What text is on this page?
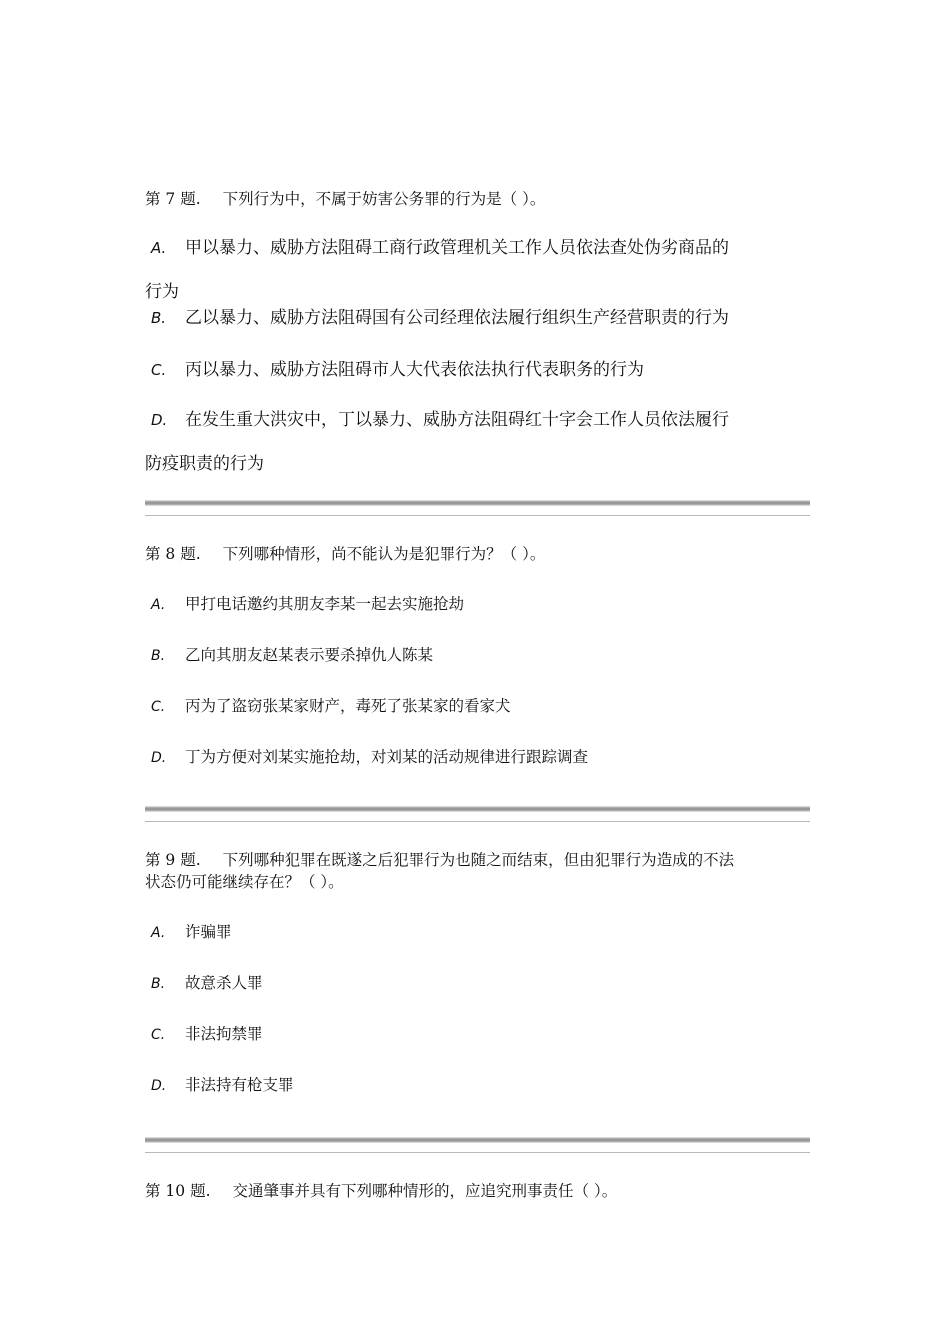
第 7 题. 下列行为中，不属于妨害公务罪的行为是（ ）。

A. 甲以暴力、威胁方法阻碍工商行政管理机关工作人员依法查处伪劣商品的

行为

B. 乙以暴力、威胁方法阻碍国有公司经理依法履行组织生产经营职责的行为

C. 丙以暴力、威胁方法阻碍市人大代表依法执行代表职务的行为

D. 在发生重大洪灾中，丁以暴力、威胁方法阻碍红十字会工作人员依法履行

防疫职责的行为

第 8 题. 下列哪种情形，尚不能认为是犯罪行为？（ ）。

A. 甲打电话邀约其朋友李某一起去实施抢劫

B. 乙向其朋友赵某表示要杀掉仇人陈某

C. 丙为了盗窃张某家财产，毒死了张某家的看家犬

D. 丁为方便对刘某实施抢劫，对刘某的活动规律进行跟踪调查

第 9 题. 下列哪种犯罪在既遂之后犯罪行为也随之而结束，但由犯罪行为造成的不法
状态仍可能继续存在？（ ）。

A. 诈骗罪

B. 故意杀人罪

C. 非法拘禁罪

D. 非法持有枪支罪

第 10 题. 交通肇事并具有下列哪种情形的，应追究刑事责任（ ）。
